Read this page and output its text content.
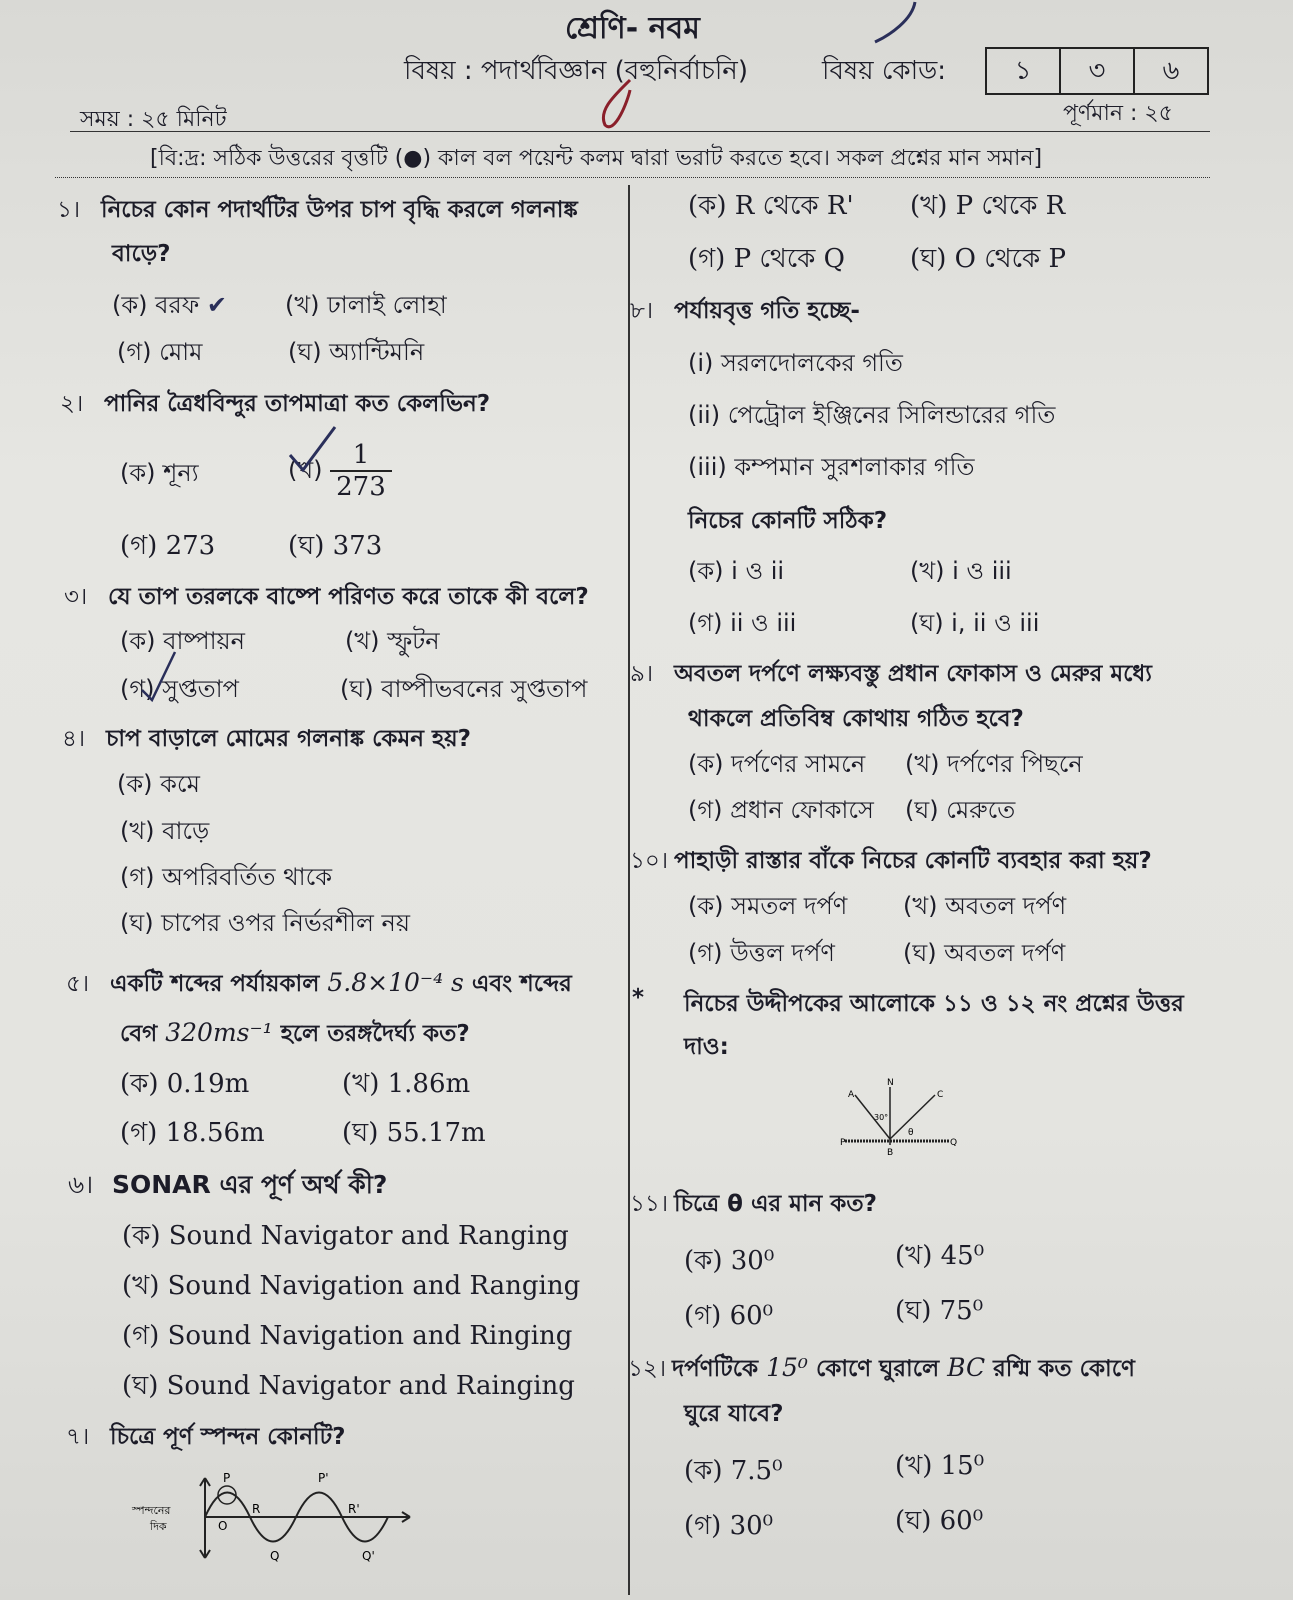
শ্রেণি- নবম
বিষয় : পদার্থবিজ্ঞান (বহুনির্বাচনি)	বিষয় কোড:	১	৩	৬
সময় : ২৫ মিনিট	পূর্ণমান : ২৫
[বি:দ্র: সঠিক উত্তরের বৃত্তটি (●) কাল বল পয়েন্ট কলম দ্বারা ভরাট করতে হবে। সকল প্রশ্নের মান সমান]
১। নিচের কোন পদার্থটির উপর চাপ বৃদ্ধি করলে গলনাঙ্ক
বাড়ে?
(ক) বরফ ✔ (খ) ঢালাই লোহা
(গ) মোম	(ঘ) অ্যান্টিমনি
২। পানির ত্রৈধবিন্দুর তাপমাত্রা কত কেলভিন?
(ক) শূন্য	(খ) $\frac{1}{273}$
(গ) 273	(ঘ) 373
৩। যে তাপ তরলকে বাষ্পে পরিণত করে তাকে কী বলে?
(ক) বাষ্পায়ন	(খ) স্ফুটন
(গ) সুপ্ততাপ	(ঘ) বাষ্পীভবনের সুপ্ততাপ
৪। চাপ বাড়ালে মোমের গলনাঙ্ক কেমন হয়?
(ক) কমে
(খ) বাড়ে
(গ) অপরিবর্তিত থাকে
(ঘ) চাপের ওপর নির্ভরশীল নয়
৫। একটি শব্দের পর্যায়কাল 5.8×10⁻⁴ s এবং শব্দের
বেগ 320ms⁻¹ হলে তরঙ্গদৈর্ঘ্য কত?
(ক) 0.19m	(খ) 1.86m
(গ) 18.56m	(ঘ) 55.17m
৬। SONAR এর পূর্ণ অর্থ কী?
(ক) Sound Navigator and Ranging
(খ) Sound Navigation and Ranging
(গ) Sound Navigation and Ringing
(ঘ) Sound Navigator and Rainging
৭। চিত্রে পূর্ণ স্পন্দন কোনটি?
স্পন্দনের
দিক
P	P'
R	R'
O
Q	Q'
(ক) R থেকে R' (খ) P থেকে R
(গ) P থেকে Q	(ঘ) O থেকে P
৮। পর্যায়বৃত্ত গতি হচ্ছে-
(i) সরলদোলকের গতি
(ii) পেট্রোল ইঞ্জিনের সিলিন্ডারের গতি
(iii) কম্পমান সুরশলাকার গতি
নিচের কোনটি সঠিক?
(ক) i ও ii	(খ) i ও iii
(গ) ii ও iii	(ঘ) i, ii ও iii
৯। অবতল দর্পণে লক্ষ্যবস্তু প্রধান ফোকাস ও মেরুর মধ্যে
থাকলে প্রতিবিম্ব কোথায় গঠিত হবে?
(ক) দর্পণের সামনে (খ) দর্পণের পিছনে
(গ) প্রধান ফোকাসে (ঘ) মেরুতে
১০। পাহাড়ী রাস্তার বাঁকে নিচের কোনটি ব্যবহার করা হয়?
(ক) সমতল দর্পণ (খ) অবতল দর্পণ
(গ) উত্তল দর্পণ	(ঘ) অবতল দর্পণ
* নিচের উদ্দীপকের আলোকে ১১ ও ১২ নং প্রশ্নের উত্তর
দাও:
N
A	C
P	Q
B
30°
θ
১১। চিত্রে θ এর মান কত?
(ক) 30⁰	(খ) 45⁰
(গ) 60⁰	(ঘ) 75⁰
১২। দর্পণটিকে 15⁰ কোণে ঘুরালে BC রশ্মি কত কোণে
ঘুরে যাবে?
(ক) 7.5⁰	(খ) 15⁰
(গ) 30⁰	(ঘ) 60⁰
